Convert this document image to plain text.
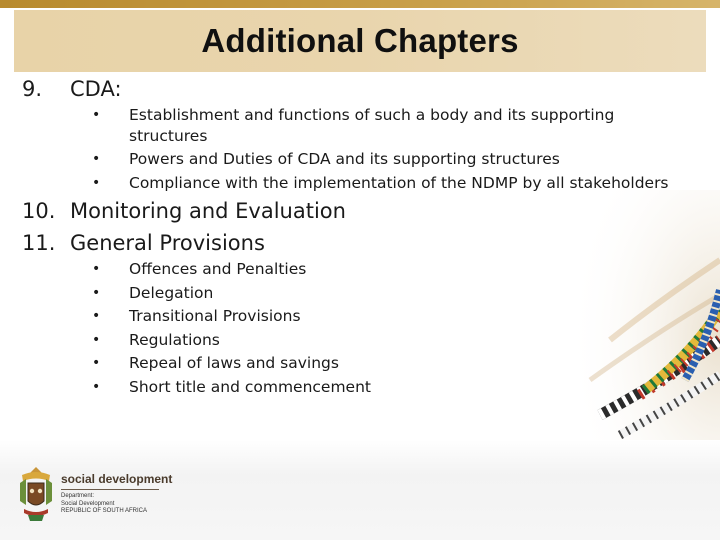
Additional Chapters
9. CDA:
• Establishment and functions of such a body and its supporting
structures
• Powers and Duties of CDA and its supporting structures
• Compliance with the implementation of the NDMP by all stakeholders
10. Monitoring and Evaluation
11. General Provisions
• Offences and Penalties
• Delegation
• Transitional Provisions
• Regulations
• Repeal of laws and savings
• Short title and commencement
social development
Department:
Social Development
REPUBLIC OF SOUTH AFRICA
